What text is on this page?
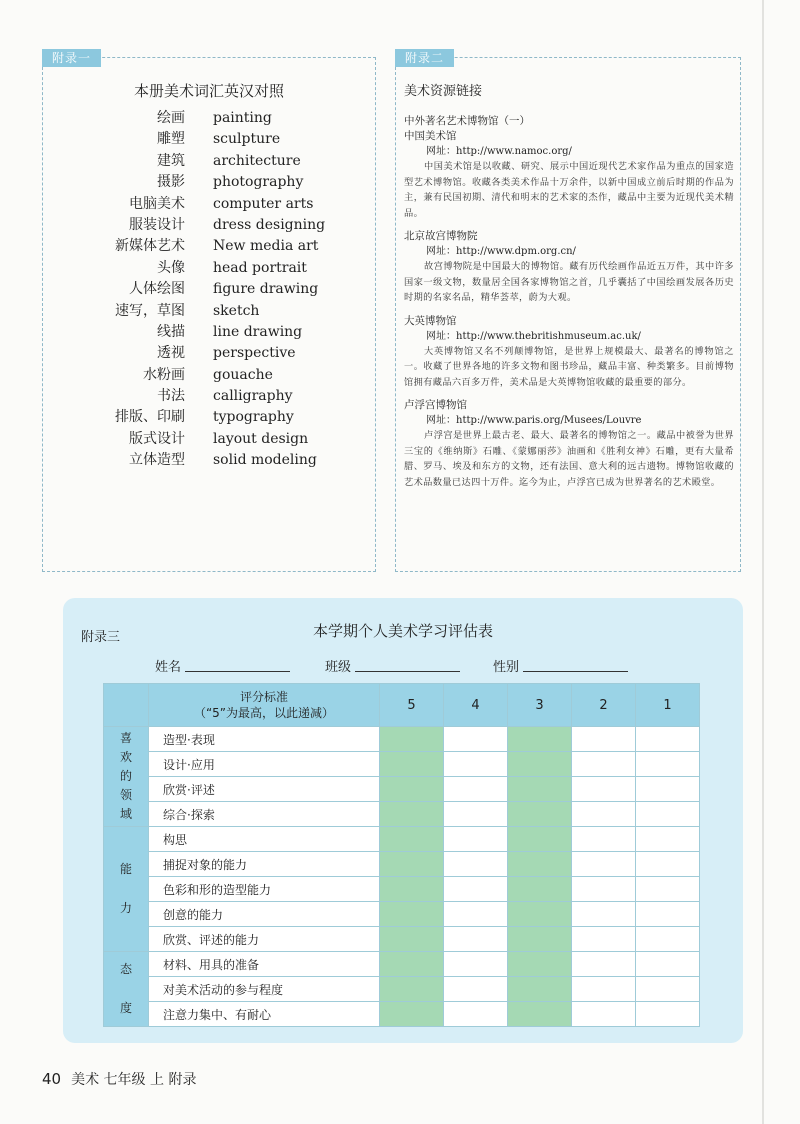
附录一
本册美术词汇英汉对照
绘画 painting
雕塑 sculpture
建筑 architecture
摄影 photography
电脑美术 computer arts
服装设计 dress designing
新媒体艺术 New media art
头像 head portrait
人体绘图 figure drawing
速写，草图 sketch
线描 line drawing
透视 perspective
水粉画 gouache
书法 calligraphy
排版、印刷 typography
版式设计 layout design
立体造型 solid modeling
附录二
美术资源链接
中外著名艺术博物馆（一）
中国美术馆
网址：http://www.namoc.org/
中国美术馆是以收藏、研究、展示中国近现代艺术家作品为重点的国家造型艺术博物馆。收藏各类美术作品十万余件，以新中国成立前后时期的作品为主，兼有民国初期、清代和明末的艺术家的杰作，藏品中主要为近现代美术精品。
北京故宫博物院
网址：http://www.dpm.org.cn/
故宫博物院是中国最大的博物馆。藏有历代绘画作品近五万件，其中许多国家一级文物，数量居全国各家博物馆之首，几乎囊括了中国绘画发展各历史时期的名家名品，精华荟萃，蔚为大观。
大英博物馆
网址：http://www.thebritishmuseum.ac.uk/
大英博物馆又名不列颠博物馆，是世界上规模最大、最著名的博物馆之一。收藏了世界各地的许多文物和图书珍品，藏品丰富、种类繁多。目前博物馆拥有藏品六百多万件，美术品是大英博物馆收藏的最重要的部分。
卢浮宫博物馆
网址：http://www.paris.org/Musees/Louvre
卢浮宫是世界上最古老、最大、最著名的博物馆之一。藏品中被誉为世界三宝的《维纳斯》石雕、《蒙娜丽莎》油画和《胜利女神》石雕，更有大量希腊、罗马、埃及和东方的文物，还有法国、意大利的远古遗物。博物馆收藏的艺术品数量已达四十万件。迄今为止，卢浮宫已成为世界著名的艺术殿堂。
附录三	本学期个人美术学习评估表
姓名	班级	性别

	评分标准
（“5”为最高，以此递减）	5	4	3	2	1

喜
欢
的
领
域	造型·表现					
	设计·应用					
	欣赏·评述					
	综合·探索					

能
力	构思					
	捕捉对象的能力					
	色彩和形的造型能力					
	创意的能力					
	欣赏、评述的能力					

态
度	材料、用具的准备					
	对美术活动的参与程度					
	注意力集中、有耐心					
40 美术 七年级 上 附录
